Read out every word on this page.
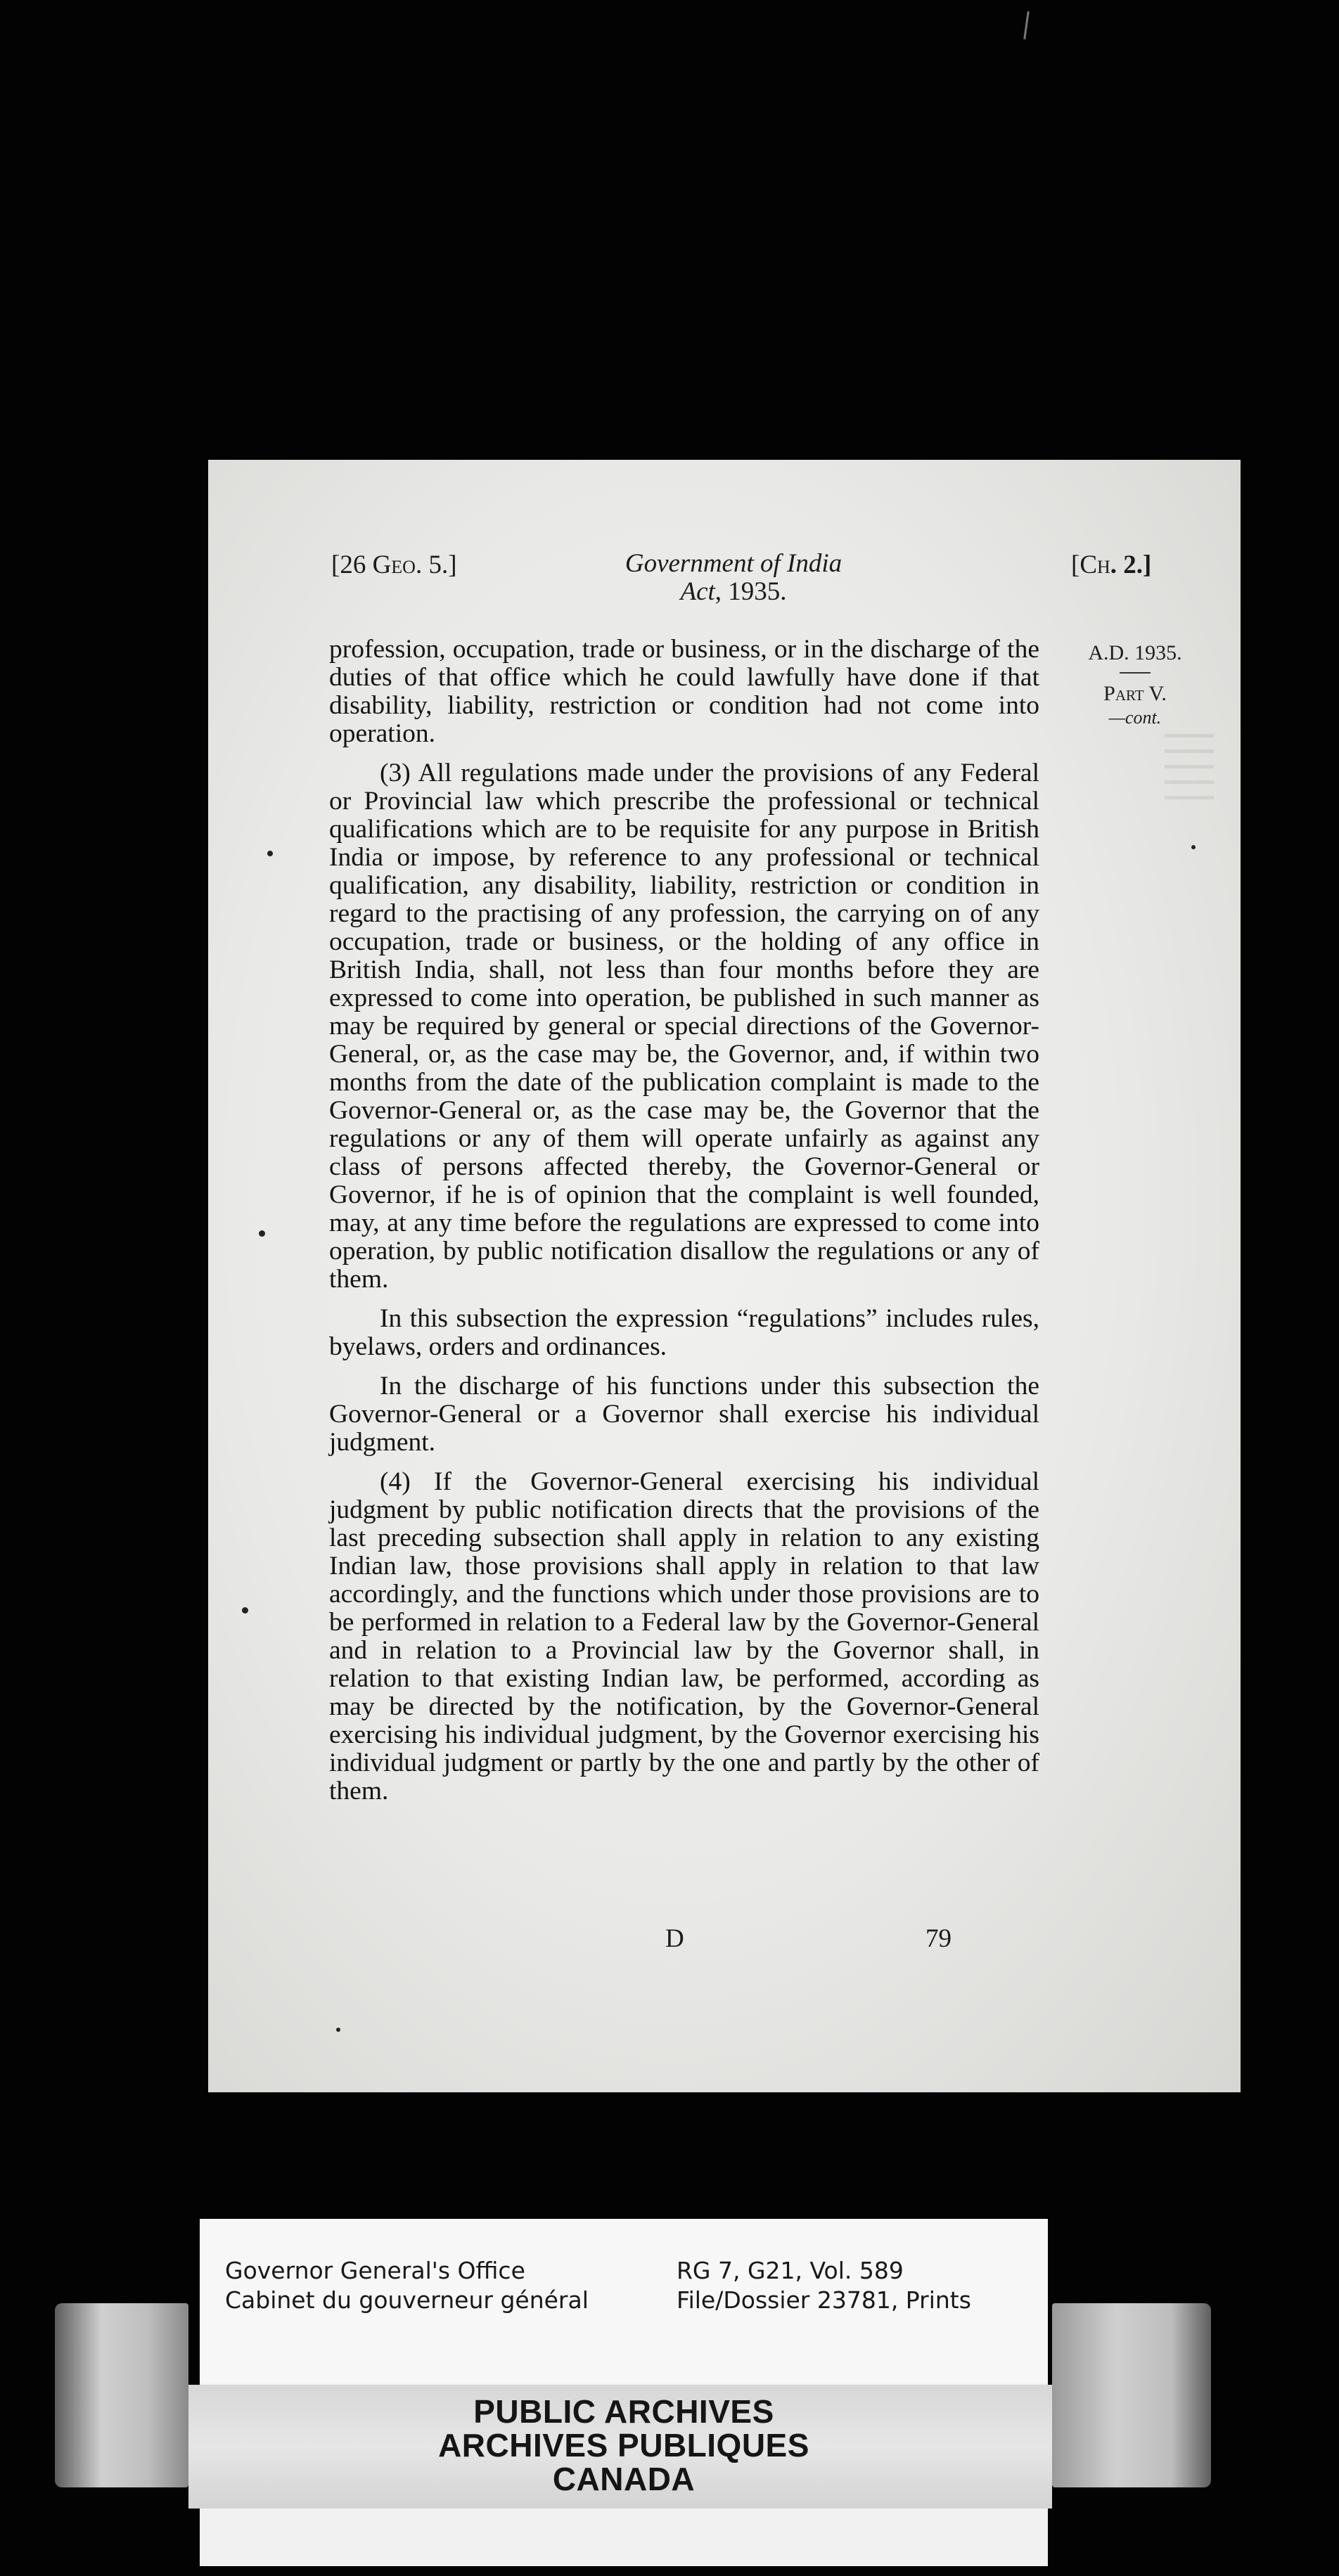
[26 Geo. 5.]	Government of India
Act, 1935.
[Ch. 2.]
A.D. 1935.
Part V.
—cont.

profession, occupation, trade or business, or in the discharge of the duties of that office which he could lawfully have done if that disability, liability, restriction or condition had not come into operation.

(3) All regulations made under the provisions of any Federal or Provincial law which prescribe the professional or technical qualifications which are to be requisite for any purpose in British India or impose, by reference to any professional or technical qualification, any disability, liability, restriction or condition in regard to the practising of any profession, the carrying on of any occupation, trade or business, or the holding of any office in British India, shall, not less than four months before they are expressed to come into operation, be published in such manner as may be required by general or special directions of the Governor-General, or, as the case may be, the Governor, and, if within two months from the date of the publication complaint is made to the Governor-General or, as the case may be, the Governor that the regulations or any of them will operate unfairly as against any class of persons affected thereby, the Governor-General or Governor, if he is of opinion that the complaint is well founded, may, at any time before the regulations are expressed to come into operation, by public notification disallow the regulations or any of them.

In this subsection the expression “regulations” includes rules, byelaws, orders and ordinances.

In the discharge of his functions under this subsection the Governor-General or a Governor shall exercise his individual judgment.

(4) If the Governor-General exercising his individual judgment by public notification directs that the provisions of the last preceding subsection shall apply in relation to any existing Indian law, those provisions shall apply in relation to that law accordingly, and the functions which under those provisions are to be performed in relation to a Federal law by the Governor-General and in relation to a Provincial law by the Governor shall, in relation to that existing Indian law, be performed, according as may be directed by the notification, by the Governor-General exercising his individual judgment, by the Governor exercising his individual judgment or partly by the one and partly by the other of them.

D	79
Governor General's Office
Cabinet du gouverneur général
RG 7, G21, Vol. 589
File/Dossier 23781, Prints
PUBLIC ARCHIVES
ARCHIVES PUBLIQUES
CANADA
